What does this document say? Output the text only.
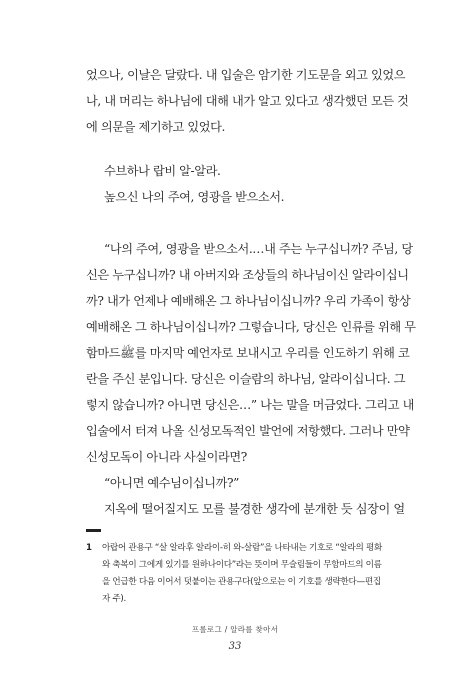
었으나, 이날은 달랐다. 내 입술은 암기한 기도문을 외고 있었으
나, 내 머리는 하나님에 대해 내가 알고 있다고 생각했던 모든 것
에 의문을 제기하고 있었다.
수브하나 랍비 알-알라.
높으신 나의 주여, 영광을 받으소서.
“나의 주여, 영광을 받으소서.…내 주는 누구십니까? 주님, 당
신은 누구십니까? 내 아버지와 조상들의 하나님이신 알라이십니
까? 내가 언제나 예배해온 그 하나님이십니까? 우리 가족이 항상
예배해온 그 하나님이십니까? 그렇습니다, 당신은 인류를 위해 무
함마드ﷺ를 마지막 예언자로 보내시고 우리를 인도하기 위해 코
란을 주신 분입니다. 당신은 이슬람의 하나님, 알라이십니다. 그
렇지 않습니까? 아니면 당신은…” 나는 말을 머금었다. 그리고 내
입술에서 터져 나올 신성모독적인 발언에 저항했다. 그러나 만약
신성모독이 아니라 사실이라면?
“아니면 예수님이십니까?”
지옥에 떨어질지도 모를 불경한 생각에 분개한 듯 심장이 얼
1	아랍어 관용구 “살 알라후 알라이-히 와-살람”을 나타내는 기호로 “알라의 평화
와 축복이 그에게 있기를 원하나이다”라는 뜻이며 무슬림들이 무함마드의 이름
을 언급한 다음 이어서 덧붙이는 관용구다(앞으로는 이 기호를 생략한다—편집
자 주).
프롤로그 / 알라를 찾아서
33
